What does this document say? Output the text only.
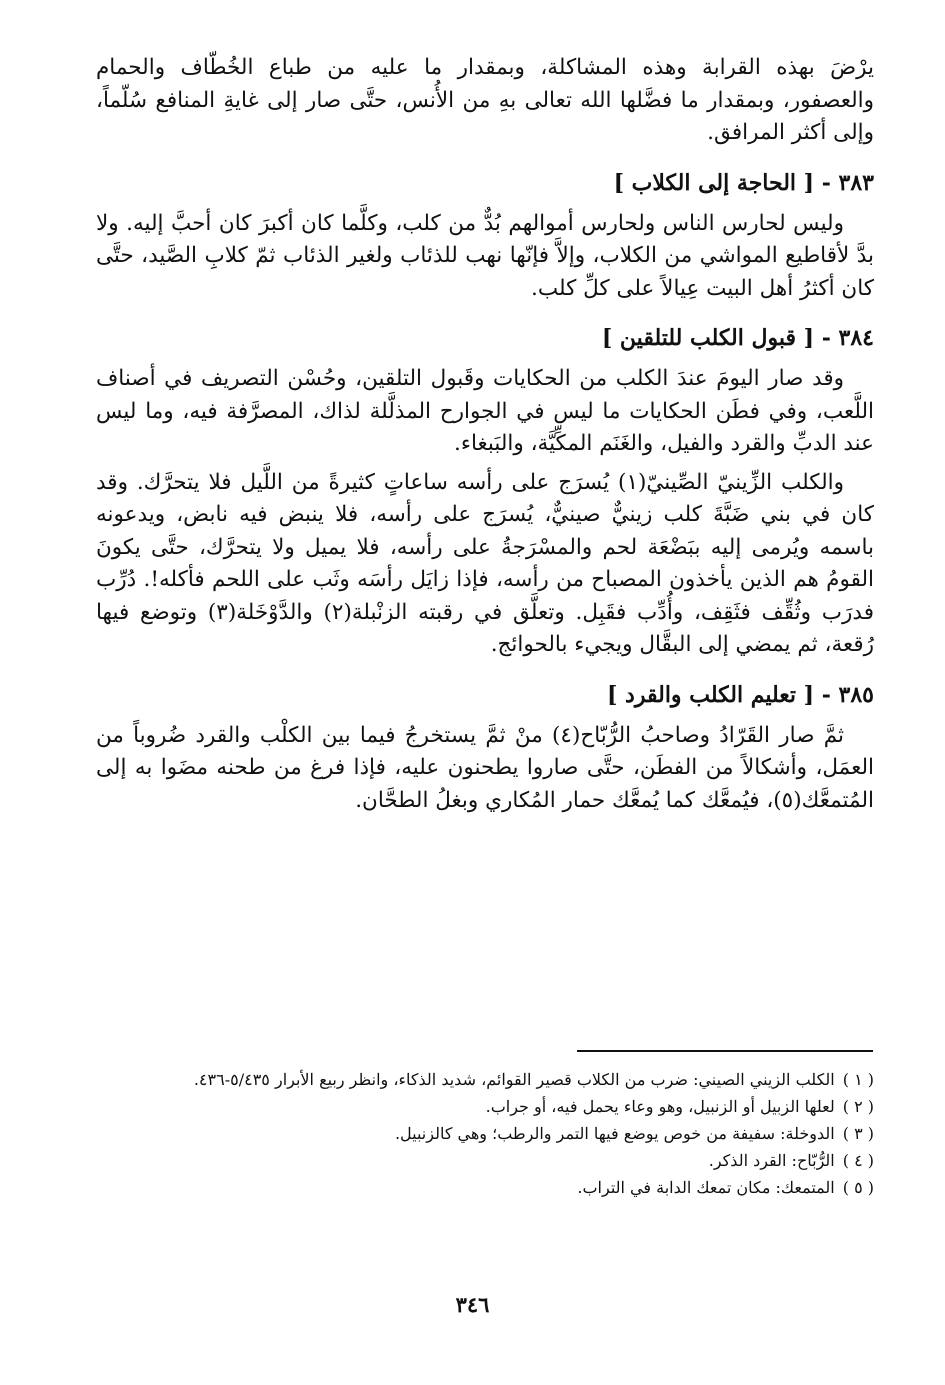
يرْضَ بهذه القرابة وهذه المشاكلة، وبمقدار ما عليه من طباع الخُطّاف والحمام والعصفور، وبمقدار ما فضَّلها الله تعالى بهِ من الأُنس، حتَّى صار إلى غايةِ المنافع سُلّماً، وإلى أكثر المرافق.

٣٨٣ - [ الحاجة إلى الكلاب ]

وليس لحارس الناس ولحارس أموالهم بُدٌّ من كلب، وكلَّما كان أكبرَ كان أحبَّ إليه. ولا بدَّ لأقاطيع المواشي من الكلاب، وإلاَّ فإنّها نهب للذئاب ولغير الذئاب ثمّ كلابِ الصَّيد، حتَّى كان أكثرُ أهل البيت عِيالاً على كلِّ كلب.

٣٨٤ - [ قبول الكلب للتلقين ]

وقد صار اليومَ عندَ الكلب من الحكايات وقَبول التلقين، وحُسْن التصريف في أصناف اللَّعب، وفي فطَن الحكايات ما ليس في الجوارح المذلَّلة لذاك، المصرَّفة فيه، وما ليس عند الدبِّ والقرد والفيل، والغَنَم المكِّيَّة، والبَبغاء.

والكلب الزِّينيّ الصِّينيّ(١) يُسرَج على رأسه ساعاتٍ كثيرةً من اللَّيل فلا يتحرَّك. وقد كان في بني ضَبَّةَ كلب زينيٌّ صينيٌّ، يُسرَج على رأسه، فلا ينبض فيه نابض، ويدعونه باسمه ويُرمى إليه ببَضْعَة لحم والمسْرَجةُ على رأسه، فلا يميل ولا يتحرَّك، حتَّى يكونَ القومُ هم الذين يأخذون المصباح من رأسه، فإذا زايَل رأسَه وثَب على اللحم فأكله!. دُرِّب فدرَب وثُقِّف فثَقِف، وأُدِّب فقَبِل. وتعلَّق في رقبته الزنْبلة(٢) والدَّوْخَلة(٣) وتوضع فيها رُقعة، ثم يمضي إلى البقَّال ويجيء بالحوائج.

٣٨٥ - [ تعليم الكلب والقرد ]

ثمَّ صار القَرّادُ وصاحبُ الرُّبّاح(٤) منْ ثمَّ يستخرجُ فيما بين الكلْب والقرد ضُروباً من العمَل، وأشكالاً من الفطَن، حتَّى صاروا يطحنون عليه، فإذا فرغ من طحنه مضَوا به إلى المُتمعَّك(٥)، فيُمعَّك كما يُمعَّك حمار المُكاري وبغلُ الطحَّان.

( ١ )الكلب الزيني الصيني: ضرب من الكلاب قصير القوائم، شديد الذكاء، وانظر ربيع الأبرار ٥/٤٣٥-٤٣٦.

( ٢ )لعلها الزبيل أو الزنبيل، وهو وعاء يحمل فيه، أو جراب.

( ٣ )الدوخلة: سفيفة من خوص يوضع فيها التمر والرطب؛ وهي كالزنبيل.

( ٤ )الرُّبّاح: القرد الذكر.

( ٥ )المتمعك: مكان تمعك الدابة في التراب.

٣٤٦
